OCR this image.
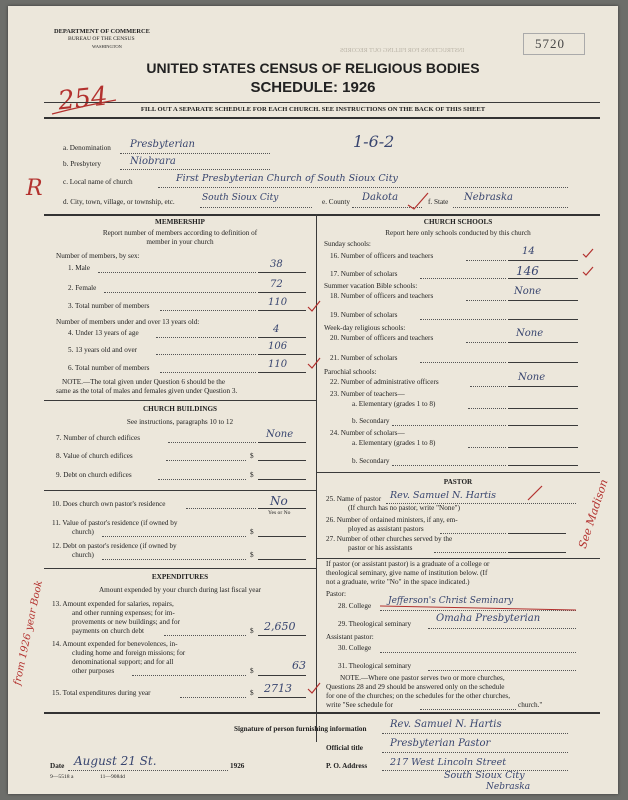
DEPARTMENT OF COMMERCE
BUREAU OF THE CENSUS
WASHINGTON	5720
INSTRUCTIONS FOR FILLING OUT RECORDS
254
UNITED STATES CENSUS OF RELIGIOUS BODIES
SCHEDULE: 1926
FILL OUT A SEPARATE SCHEDULE FOR EACH CHURCH. SEE INSTRUCTIONS ON THE BACK OF THIS SHEET
R
a. Denomination Presbyterian	1-6-2
b. Presbytery	Niobrara
c. Local name of church	First Presbyterian Church of South Sioux City
d. City, town, village, or township, etc.	South Sioux City	e. County Dakota	f. State Nebraska
MEMBERSHIP
Report number of members according to definition of
member in your church
Number of members, by sex:
1. Male	38
2. Female	72
3. Total number of members	110
Number of members under and over 13 years old:
4. Under 13 years of age	4
5. 13 years old and over	106
6. Total number of members	110
NOTE.—The total given under Question 6 should be the
same as the total of males and females given under Question 3.
CHURCH BUILDINGS
See instructions, paragraphs 10 to 12
7. Number of church edifices	None
8. Value of church edifices	$
9. Debt on church edifices	$
10. Does church own pastor's residence	No
Yes or No
11. Value of pastor's residence (if owned by
church)	$
12. Debt on pastor's residence (if owned by
church)	$
EXPENDITURES
Amount expended by your church during last fiscal year
13. Amount expended for salaries, repairs,
and other running expenses; for im-
provements or new buildings; and for
payments on church debt	$ 2,650
14. Amount expended for benevolences, in-
cluding home and foreign missions; for
denominational support; and for all
other purposes	$	63
15. Total expenditures during year	$ 2713
CHURCH SCHOOLS
Report here only schools conducted by this church
Sunday schools:
16. Number of officers and teachers	14
17. Number of scholars	146
Summer vacation Bible schools:
18. Number of officers and teachers	None
19. Number of scholars
Week-day religious schools:
20. Number of officers and teachers	None
21. Number of scholars
Parochial schools:
22. Number of administrative officers	None
23. Number of teachers—
a. Elementary (grades 1 to 8)
b. Secondary
24. Number of scholars—
a. Elementary (grades 1 to 8)
b. Secondary
PASTOR
25. Name of pastor Rev. Samuel N. Hartis
(If church has no pastor, write "None")
26. Number of ordained ministers, if any, em-
ployed as assistant pastors
27. Number of other churches served by the
pastor or his assistants
If pastor (or assistant pastor) is a graduate of a college or
theological seminary, give name of institution below. (If
not a graduate, write "No" in the space indicated.)
Pastor:
28. College Jefferson's Christ Seminary
29. Theological seminary Omaha Presbyterian
Assistant pastor:
30. College
31. Theological seminary
NOTE.—Where one pastor serves two or more churches,
Questions 28 and 29 should be answered only on the schedule
for one of the churches; on the schedules for the other churches,
write "See schedule for	church."
Signature of person furnishing information Rev. Samuel N. Hartis
Official title	Presbyterian Pastor
Date August 21 St.	1926
9—5518 a	11—9084d
P. O. Address 217 West Lincoln Street
South Sioux City
Nebraska
from 1926 year Book
See Madison
